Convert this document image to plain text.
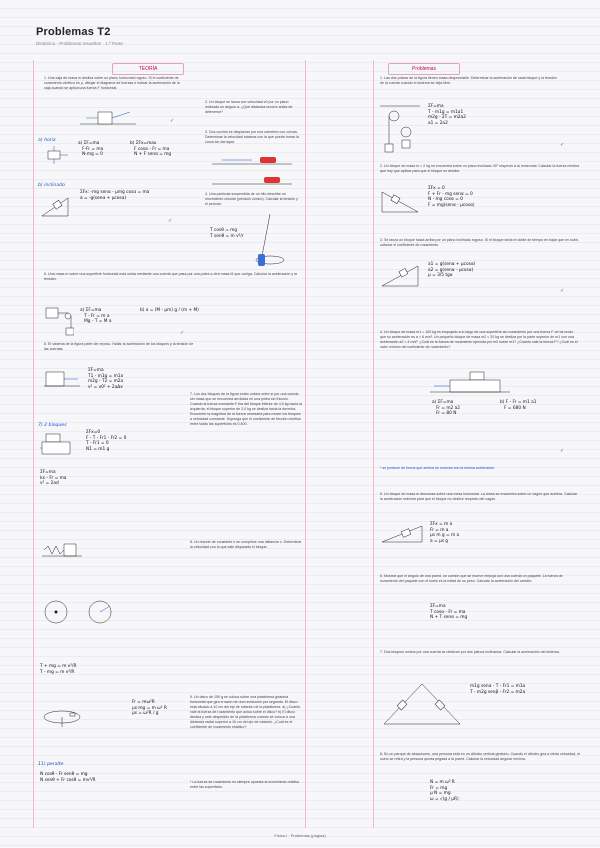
Problemas T2
Dinámica · Problemas resueltos · 1.ª Parte
TEORÍA	Problemas
1. Una caja de masa m desliza sobre un plano horizontal rugoso. Si el coeficiente de rozamiento cinético es μ, dibujar el diagrama de fuerzas e indicar la aceleración de la caja cuando se aplica una fuerza F horizontal.
a) horiz.
a) ΣF=ma
F-Fr = ma
N-mg = 0
b) ΣFx=max
F cosα - Fr = ma
N + F senα = mg
b) inclinado
ΣFx: -mg senα - μmg cosα = ma
a = -g(senα + μcosα)
2. Un bloque se lanza con velocidad v0 por un plano inclinado un ángulo α. ¿Qué distancia recorre antes de detenerse?
3. Dos coches se desplazan por una carretera con curvas. Determinar la velocidad máxima con la que puede tomar la curva sin derrapar.
4. Una partícula suspendida de un hilo describe un movimiento circular (péndulo cónico). Calcular la tensión y el periodo.
T cosθ = mg
T senθ = m v²/r
5. Una masa m sobre una superficie horizontal está unida mediante una cuerda que pasa por una polea a otra masa M que cuelga. Calcular la aceleración y la tensión.
a) ΣF=ma
T - Fr = m a
Mg - T = M a
b) a = (M - μm) g / (m + M)
6. El sistema de la figura parte del reposo. Hallar la aceleración de los bloques y la tensión de las cuerdas.
ΣF=ma
T1 - m1g = m1a
m2g - T2 = m2a
v² = v0² + 2aΔx
7. Los dos bloques de la figura están unidos entre sí por una cuerda sin masa que se encuentra arrollada en una polea sin fricción. Cuando la fuerza constante F tira del bloque inferior de 4,0 kg hacia la izquierda, el bloque superior de 2,0 kg se desliza hacia la derecha. Encuentre la magnitud de la fuerza necesaria para mover los bloques a velocidad constante. Suponga que el coeficiente de fricción cinética entre todas las superficies es 0,400.
7) 2 bloques
ΣFx=0
F - T - Fr1 - Fr2 = 0
T - Fr1 = 0
N1 = m1 g
ΣF=ma
kx - Fr = ma
v² = 2ad
8. Un resorte de constante k se comprime una distancia x. Determinar la velocidad con la que sale disparado el bloque.
T + mg = m v²/R
T - mg = m v²/R
9. Un disco de 150 g se coloca sobre una plataforma giratoria horizontal que gira a razón de una revolución por segundo. El disco está situado a 10 cm del eje de rotación de la plataforma. a) ¿Cuánto vale la fuerza de rozamiento que actúa sobre el disco? b) El disco desliza y sale despedido de la plataforma cuando se coloca a una distancia radial superior a 16 cm del eje de rotación. ¿Cuál es el coeficiente de rozamiento estático?
Fr = mω²R
μs·mg = m ω² R
μs = ω²R / g
11) peralte
N cosθ - Fr senθ = mg
N senθ + Fr cosθ = mv²/R	* La fuerza de rozamiento es siempre opuesta al movimiento relativo entre las superficies.
1. Las dos poleas de la figura tienen masa despreciable. Determinar la aceleración de cada bloque y la tensión de la cuerda cuando el sistema se deja libre.
ΣF=ma
T - m1g = m1a1
m2g - 2T = m2a2
a1 = 2a2
2. Un bloque de masa m = 2 kg se encuentra sobre un plano inclinado 30° respecto a la horizontal. Calcular la fuerza mínima que hay que aplicar para que el bloque no deslice.
ΣFx = 0
F + Fr - mg senα = 0
N - mg cosα = 0
F = mg(senα - μcosα)
3. Se lanza un bloque hacia arriba por un plano inclinado rugoso. Si el bloque tarda el doble de tiempo en bajar que en subir, calcular el coeficiente de rozamiento.
a1 = g(senα + μcosα)
a2 = g(senα - μcosα)
μ = 3/5 tgα
4. Un bloque de masa m1 = 100 kg es empujado a lo largo de una superficie sin rozamiento por una fuerza F de tal modo que su aceleración es a = 6 m/s². Un pequeño bloque de masa m2 = 20 kg se desliza por la parte superior de m1 con una aceleración a2 = 4 m/s². ¿Cuál es la fuerza de rozamiento ejercida por m2 sobre m1? ¿Cuánto vale la fuerza F? ¿Cuál es el valor mínimo del coeficiente de rozamiento?
a) ΣF=ma
Fr = m2 a2
Fr = 80 N
b) F - Fr = m1 a1
F = 680 N
* se produce de forma que ambos se muevan con la misma aceleración
5. Un bloque de masa m descansa sobre una mesa horizontal. La mesa se encuentra sobre un vagón que acelera. Calcular la aceleración máxima para que el bloque no deslice respecto del vagón.
ΣFx = m a
Fr = m a
μs m g = m a
a = μs g
6. Mostrar que el ángulo de una pared, un camión que se mueve empuja con una cuerda un paquete. La fuerza de rozamiento del paquete con el suelo es la mitad de su peso. Calcular la aceleración del camión.
ΣF=ma
T cosα - Fr = ma
N + T senα = mg
7. Dos bloques unidos por una cuerda se deslizan por dos planos inclinados. Calcular la aceleración del sistema.
m1g senα - T - Fr1 = m1a
T - m2g senβ - Fr2 = m2a
8. En un parque de atracciones, una persona está en un cilindro vertical giratorio. Cuando el cilindro gira a cierta velocidad, el suelo se retira y la persona queda pegada a la pared. Calcular la velocidad angular mínima.
N = m ω² R
Fr = mg
μ N = mg
ω = √(g / μR)
✓
✓
✓
✓
✓
✓
Física I · Problemas (página)
